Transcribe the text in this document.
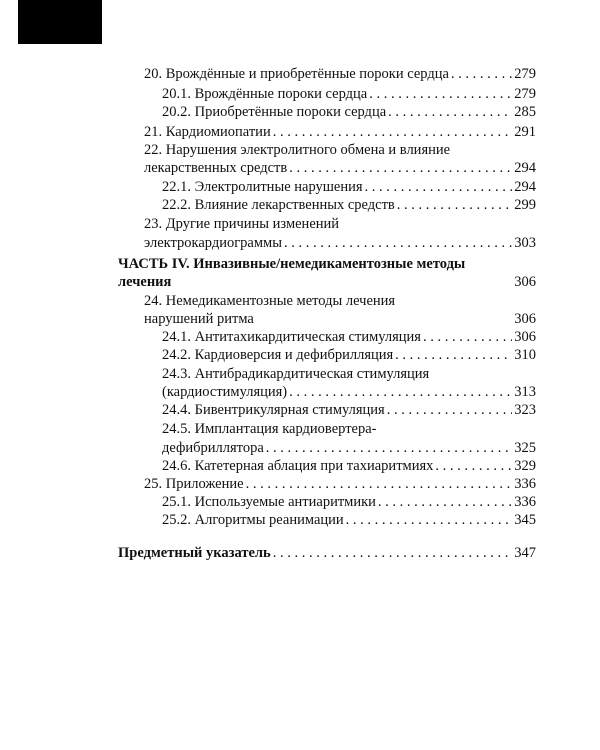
20. Врождённые и приобретённые пороки сердца . . .	279
20.1. Врождённые пороки сердца . . .	279
20.2. Приобретённые пороки сердца . . .	285
21. Кардиомиопатии . . .	291
22. Нарушения электролитного обмена и влияние
лекарственных средств . . .	294
22.1. Электролитные нарушения . . .	294
22.2. Влияние лекарственных средств . . .	299
23. Другие причины изменений
электрокардиограммы . . .	303
ЧАСТЬ IV. Инвазивные/немедикаментозные методы
лечения	306
24. Немедикаментозные методы лечения
нарушений ритма	306
24.1. Антитахикардитическая стимуляция . . .	306
24.2. Кардиоверсия и дефибрилляция . . .	310
24.3. Антибрадикардитическая стимуляция
(кардиостимуляция) . . .	313
24.4. Бивентрикулярная стимуляция . . .	323
24.5. Имплантация кардиовертера-
дефибриллятора . . .	325
24.6. Катетерная аблация при тахиаритмиях . . .	329
25. Приложение . . .	336
25.1. Используемые антиаритмики . . .	336
25.2. Алгоритмы реанимации . . .	345
Предметный указатель . . .	347
